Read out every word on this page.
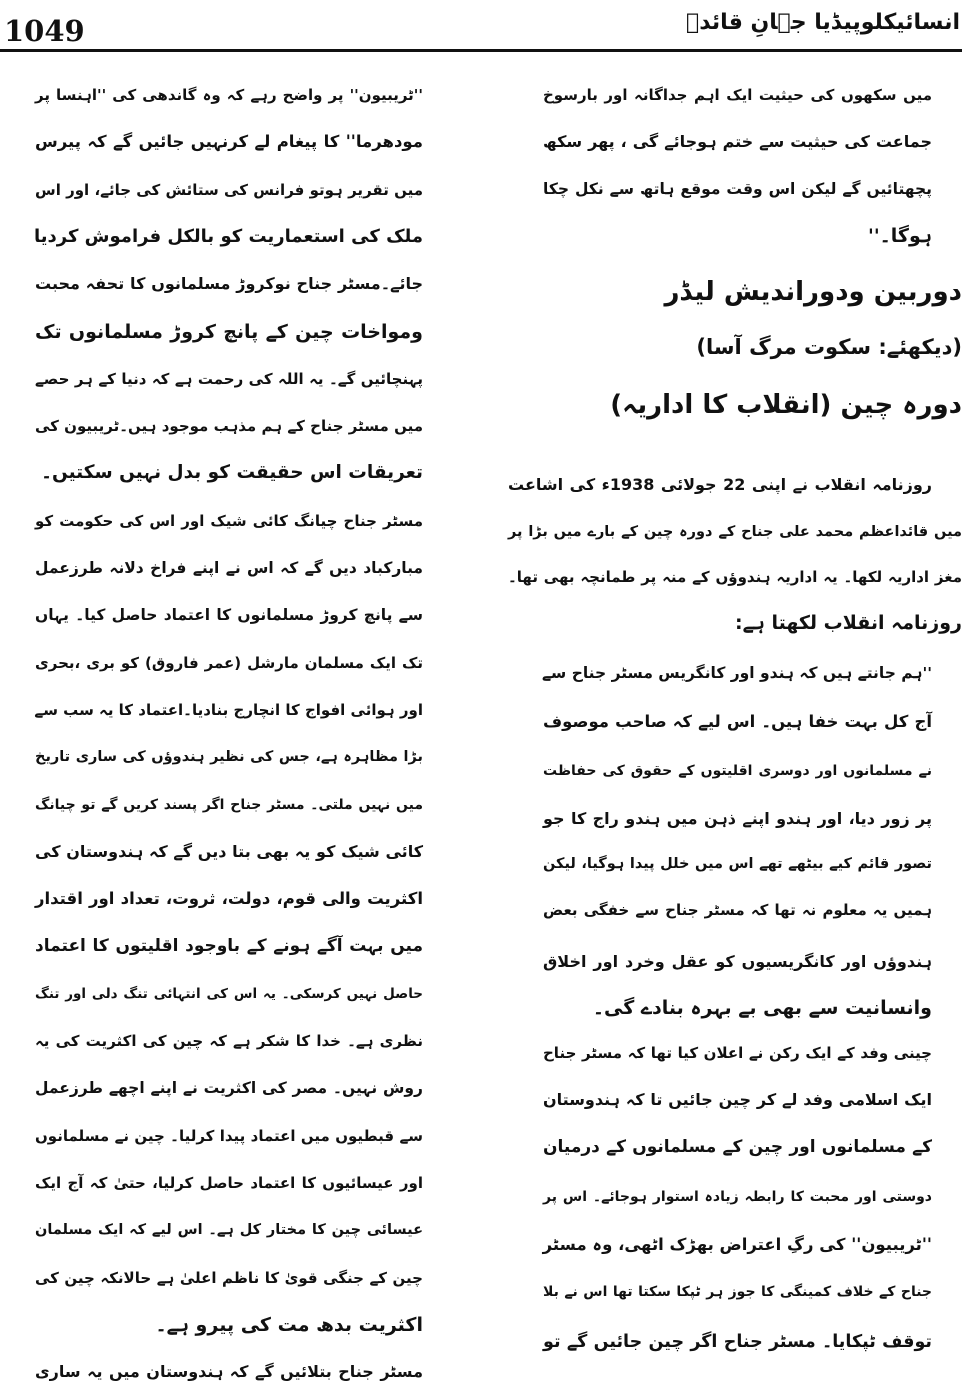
1049	انسائیکلوپیڈیا جہانِ قائدؒ
''ٹریبیون'' پر واضح رہے کہ وہ گاندھی کی ''اہنسا پر
مودھرما'' کا پیغام لے کرنہیں جائیں گے کہ پیرس
میں تقریر ہوتو فرانس کی ستائش کی جائے، اور اس
ملک کی استعماریت کو بالکل فراموش کردیا
جائے۔مسٹر جناح نوکروڑ مسلمانوں کا تحفہ محبت
ومواخات چین کے پانچ کروڑ مسلمانوں تک
پہنچائیں گے۔ یہ اللہ کی رحمت ہے کہ دنیا کے ہر حصے
میں مسٹر جناح کے ہم مذہب موجود ہیں۔ٹریبیون کی
تعریقات اس حقیقت کو بدل نہیں سکتیں۔
مسٹر جناح چیانگ کائی شیک اور اس کی حکومت کو
مبارکباد دیں گے کہ اس نے اپنے فراخ دلانہ طرزعمل
سے پانچ کروڑ مسلمانوں کا اعتماد حاصل کیا۔ یہاں
تک ایک مسلمان مارشل (عمر فاروق) کو بری ،بحری
اور ہوائی افواج کا انچارج بنادیا۔اعتماد کا یہ سب سے
بڑا مظاہرہ ہے، جس کی نظیر ہندوؤں کی ساری تاریخ
میں نہیں ملتی۔ مسٹر جناح اگر پسند کریں گے تو چیانگ
کائی شیک کو یہ بھی بتا دیں گے کہ ہندوستان کی
اکثریت والی قوم، دولت، ثروت، تعداد اور اقتدار
میں بہت آگے ہونے کے باوجود اقلیتوں کا اعتماد
حاصل نہیں کرسکی۔ یہ اس کی انتہائی تنگ دلی اور تنگ
نظری ہے۔ خدا کا شکر ہے کہ چین کی اکثریت کی یہ
روش نہیں۔ مصر کی اکثریت نے اپنے اچھے طرزعمل
سے قبطیوں میں اعتماد پیدا کرلیا۔ چین نے مسلمانوں
اور عیسائیوں کا اعتماد حاصل کرلیا، حتیٰ کہ آج ایک
عیسائی چین کا مختار کل ہے۔ اس لیے کہ ایک مسلمان
چین کے جنگی قویٰ کا ناظم اعلیٰ ہے حالانکہ چین کی
اکثریت بدھ مت کی پیرو ہے۔
مسٹر جناح بتلائیں گے کہ ہندوستان میں یہ ساری
میں سکھوں کی حیثیت ایک اہم جداگانہ اور بارسوخ
جماعت کی حیثیت سے ختم ہوجائے گی ، پھر سکھ
پچھتائیں گے لیکن اس وقت موقع ہاتھ سے نکل چکا
ہوگا۔''
دوربین ودوراندیش لیڈر
(دیکھئے: سکوت مرگ آسا)
دورہ چین (انقلاب کا اداریہ)
روزنامہ انقلاب نے اپنی 22 جولائی 1938ء کی اشاعت
میں قائداعظم محمد علی جناح کے دورہ چین کے بارے میں بڑا پر
مغز اداریہ لکھا۔ یہ اداریہ ہندوؤں کے منہ پر طمانچہ بھی تھا۔
روزنامہ انقلاب لکھتا ہے:
''ہم جانتے ہیں کہ ہندو اور کانگریس مسٹر جناح سے
آج کل بہت خفا ہیں۔ اس لیے کہ صاحب موصوف
نے مسلمانوں اور دوسری اقلیتوں کے حقوق کی حفاظت
پر زور دیا، اور ہندو اپنے ذہن میں ہندو راج کا جو
تصور قائم کیے بیٹھے تھے اس میں خلل پیدا ہوگیا، لیکن
ہمیں یہ معلوم نہ تھا کہ مسٹر جناح سے خفگی بعض
ہندوؤں اور کانگریسیوں کو عقل وخرد اور اخلاق
وانسانیت سے بھی بے بہرہ بنادے گی۔
چینی وفد کے ایک رکن نے اعلان کیا تھا کہ مسٹر جناح
ایک اسلامی وفد لے کر چین جائیں تا کہ ہندوستان
کے مسلمانوں اور چین کے مسلمانوں کے درمیان
دوستی اور محبت کا رابطہ زیادہ استوار ہوجائے۔ اس پر
''ٹریبیون'' کی رگِ اعتراض بھڑک اٹھی، وہ مسٹر
جناح کے خلاف کمینگی کا جوز ہر ٹپکا سکتا تھا اس نے بلا
توقف ٹپکایا۔ مسٹر جناح اگر چین جائیں گے تو
